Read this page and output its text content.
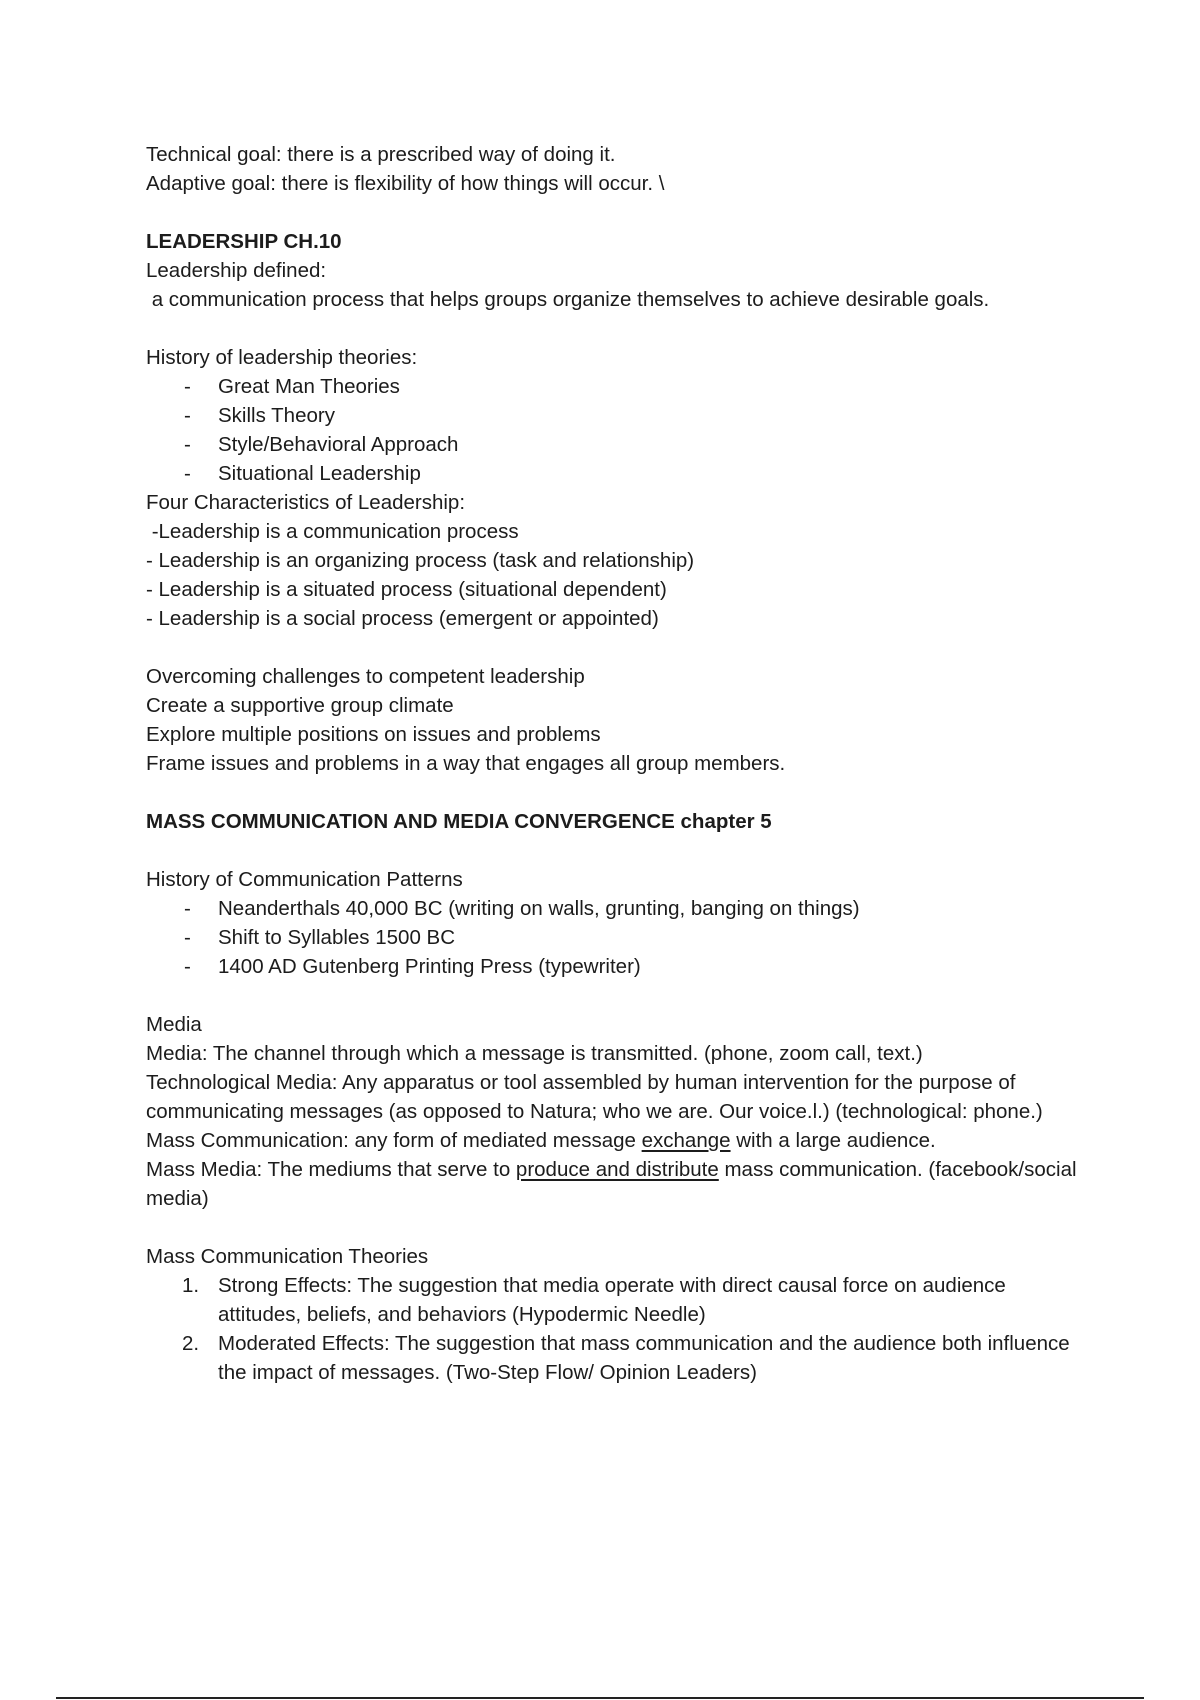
Technical goal: there is a prescribed way of doing it.

Adaptive goal: there is flexibility of how things will occur. \

LEADERSHIP CH.10

Leadership defined:

a communication process that helps groups organize themselves to achieve desirable goals.

History of leadership theories:

-	Great Man Theories
-	Skills Theory
-	Style/Behavioral Approach
-	Situational Leadership

Four Characteristics of Leadership:

-Leadership is a communication process

- Leadership is an organizing process (task and relationship)

- Leadership is a situated process (situational dependent)

- Leadership is a social process (emergent or appointed)

Overcoming challenges to competent leadership

Create a supportive group climate

Explore multiple positions on issues and problems

Frame issues and problems in a way that engages all group members.

MASS COMMUNICATION AND MEDIA CONVERGENCE chapter 5

History of Communication Patterns

-	Neanderthals 40,000 BC (writing on walls, grunting, banging on things)
-	Shift to Syllables 1500 BC
-	1400 AD Gutenberg Printing Press (typewriter)

Media

Media: The channel through which a message is transmitted. (phone, zoom call, text.)

Technological Media: Any apparatus or tool assembled by human intervention for the purpose of communicating messages (as opposed to Natura; who we are. Our voice.l.) (technological: phone.)

Mass Communication: any form of mediated message exchange with a large audience.

Mass Media: The mediums that serve to produce and distribute mass communication. (facebook/social media)

Mass Communication Theories

1. Strong Effects: The suggestion that media operate with direct causal force on audience attitudes, beliefs, and behaviors (Hypodermic Needle)
2. Moderated Effects: The suggestion that mass communication and the audience both influence the impact of messages. (Two-Step Flow/ Opinion Leaders)
